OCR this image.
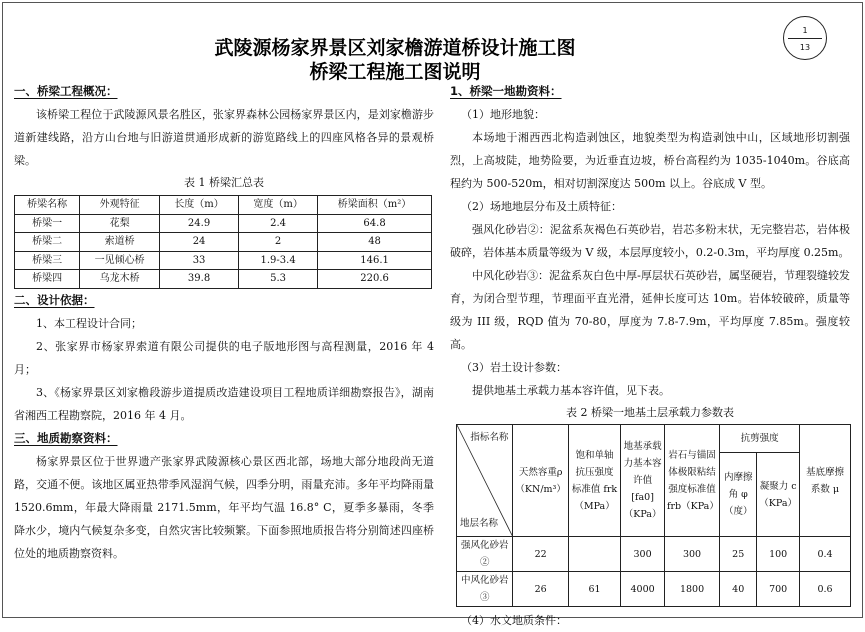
武陵源杨家界景区刘家檐游道桥设计施工图
桥梁工程施工图说明
1
13
一、桥梁工程概况：

该桥梁工程位于武陵源风景名胜区，张家界森林公园杨家界景区内，是刘家檐游步道新建线路，沿方山台地与旧游道贯通形成新的游览路线上的四座风格各异的景观桥梁。

表 1 桥梁汇总表

桥梁名称	外观特征	长度（m）	宽度（m）	桥梁面积（m²）
桥梁一	花梨	24.9	2.4	64.8
桥梁二	索道桥	24	2	48
桥梁三	一见倾心桥	33	1.9-3.4	146.1
桥梁四	乌龙木桥	39.8	5.3	220.6
二、设计依据：

1、本工程设计合同；

2、张家界市杨家界索道有限公司提供的电子版地形图与高程测量，2016 年 4 月；

3、《杨家界景区刘家檐段游步道提质改造建设项目工程地质详细勘察报告》，湖南省湘西工程勘察院，2016 年 4 月。

三、地质勘察资料：

杨家界景区位于世界遗产张家界武陵源核心景区西北部，场地大部分地段尚无道路，交通不便。该地区属亚热带季风湿润气候，四季分明，雨量充沛。多年平均降雨量 1520.6mm，年最大降雨量 2171.5mm，年平均气温 16.8° C，夏季多暴雨，冬季降水少，境内气候复杂多变，自然灾害比较频繁。下面参照地质报告将分别简述四座桥位处的地质勘察资料。

1、桥梁一地勘资料：

（1）地形地貌：

本场地于湘西西北构造剥蚀区，地貌类型为构造剥蚀中山，区域地形切割强烈，上高坡陡，地势险要，为近垂直边坡，桥台高程约为 1035-1040m。谷底高程约为 500-520m，相对切割深度达 500m 以上。谷底成 V 型。

（2）场地地层分布及土质特征：

强风化砂岩②：泥盆系灰褐色石英砂岩，岩芯多粉末状，无完整岩芯，岩体极破碎，岩体基本质量等级为 V 级，本层厚度较小，0.2-0.3m，平均厚度 0.25m。

中风化砂岩③：泥盆系灰白色中厚-厚层状石英砂岩，属坚硬岩，节理裂缝较发育，为闭合型节理，节理面平直光滑，延伸长度可达 10m。岩体较破碎，质量等级为 III 级，RQD 值为 70-80，厚度为 7.8-7.9m，平均厚度 7.85m。强度较高。

（3）岩土设计参数：

提供地基土承载力基本容许值，见下表。

表 2 桥梁一地基土层承载力参数表

指标名称
地层名称	天然容重ρ（KN/m³）	饱和单轴抗压强度标准值 frk（MPa）	地基承载力基本容许值 [fa0]（KPa）	岩石与锚固体极限粘结强度标准值 frb（KPa）	抗剪强度		基底摩擦系数 μ
					内摩擦角 φ（度）	凝聚力 c（KPa）	
强风化砂岩②	22		300	300	25	100	0.4
中风化砂岩③	26	61	4000	1800	40	700	0.6

（4）水文地质条件：
